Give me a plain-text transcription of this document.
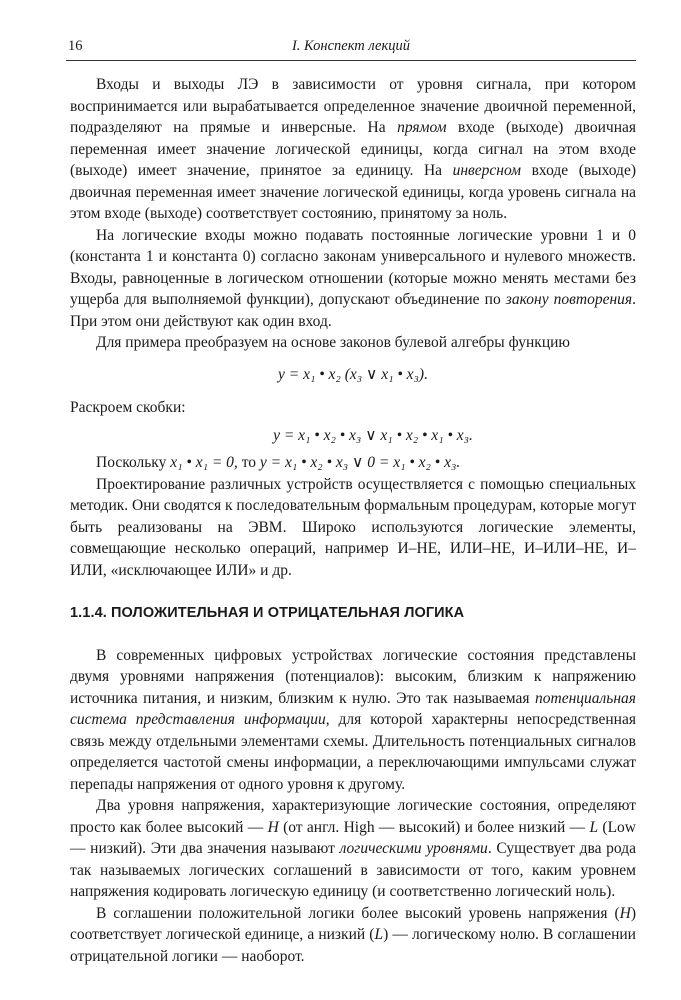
16	I. Конспект лекций

Входы и выходы ЛЭ в зависимости от уровня сигнала, при котором воспринимается или вырабатывается определенное значение двоичной переменной, подразделяют на прямые и инверсные. На прямом входе (выходе) двоичная переменная имеет значение логической единицы, когда сигнал на этом входе (выходе) имеет значение, принятое за единицу. На инверсном входе (выходе) двоичная переменная имеет значение логической единицы, когда уровень сигнала на этом входе (выходе) соответствует состоянию, принятому за ноль.

На логические входы можно подавать постоянные логические уровни 1 и 0 (константа 1 и константа 0) согласно законам универсального и нулевого множеств. Входы, равноценные в логическом отношении (которые можно менять местами без ущерба для выполняемой функции), допускают объединение по закону повторения. При этом они действуют как один вход.

Для примера преобразуем на основе законов булевой алгебры функцию

y = x₁ • x₂ (x₃ ∨ x₁ • x₃).

Раскроем скобки:

y = x₁ • x₂ • x₃ ∨ x₁ • x₂ • x₁ • x₃.

Поскольку x₁ • x₁ = 0, то y = x₁ • x₂ • x₃ ∨ 0 = x₁ • x₂ • x₃.

Проектирование различных устройств осуществляется с помощью специальных методик. Они сводятся к последовательным формальным процедурам, которые могут быть реализованы на ЭВМ. Широко используются логические элементы, совмещающие несколько операций, например И–НЕ, ИЛИ–НЕ, И–ИЛИ–НЕ, И–ИЛИ, «исключающее ИЛИ» и др.

1.1.4. ПОЛОЖИТЕЛЬНАЯ И ОТРИЦАТЕЛЬНАЯ ЛОГИКА

В современных цифровых устройствах логические состояния представлены двумя уровнями напряжения (потенциалов): высоким, близким к напряжению источника питания, и низким, близким к нулю. Это так называемая потенциальная система представления информации, для которой характерны непосредственная связь между отдельными элементами схемы. Длительность потенциальных сигналов определяется частотой смены информации, а переключающими импульсами служат перепады напряжения от одного уровня к другому.

Два уровня напряжения, характеризующие логические состояния, определяют просто как более высокий — H (от англ. High — высокий) и более низкий — L (Low — низкий). Эти два значения называют логическими уровнями. Существует два рода так называемых логических соглашений в зависимости от того, каким уровнем напряжения кодировать логическую единицу (и соответственно логический ноль).

В соглашении положительной логики более высокий уровень напряжения (H) соответствует логической единице, а низкий (L) — логическому нолю. В соглашении отрицательной логики — наоборот.
